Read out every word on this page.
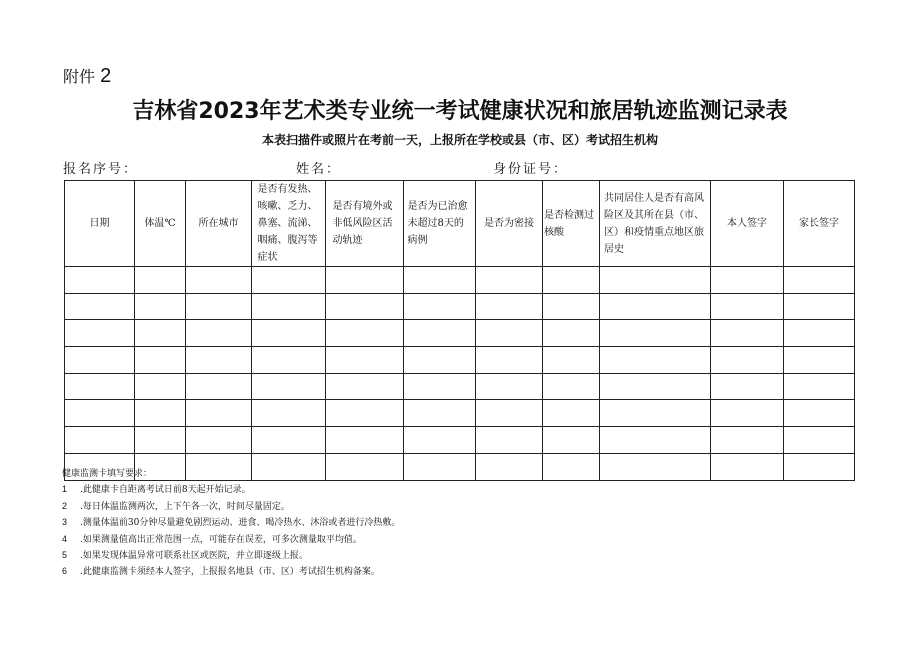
附件 2
吉林省2023年艺术类专业统一考试健康状况和旅居轨迹监测记录表
本表扫描件或照片在考前一天，上报所在学校或县（市、区）考试招生机构
报名序号：	姓名：	身份证号：
日期	体温℃	所在城市	是否有发热、咳嗽、乏力、鼻塞、流涕、咽痛、腹泻等症状	是否有境外或非低风险区活动轨迹	是否为已治愈未超过8天的病例	是否为密接	是否检测过核酸	共同居住人是否有高风险区及其所在县（市、区）和疫情重点地区旅居史	本人签字	家长签字

健康监测卡填写要求：
1 .此健康卡自距离考试日前8天起开始记录。
2 .每日体温监测两次，上下午各一次，时间尽量固定。
3 .测量体温前30分钟尽量避免剧烈运动、进食、喝冷热水、沐浴或者进行冷热敷。
4 .如果测量值高出正常范围一点，可能存在误差，可多次测量取平均值。
5 .如果发现体温异常可联系社区或医院，并立即逐级上报。
6 .此健康监测卡须经本人签字，上报报名地县（市、区）考试招生机构备案。
